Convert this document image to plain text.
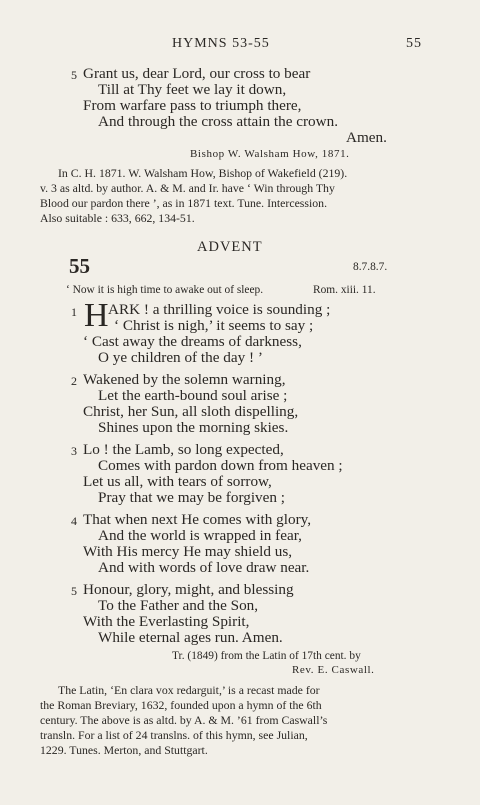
HYMNS 53-55	55
5 Grant us, dear Lord, our cross to bear
Till at Thy feet we lay it down,
From warfare pass to triumph there,
And through the cross attain the crown.
Amen.
Bishop W. Walsham How, 1871.
In C. H. 1871. W. Walsham How, Bishop of Wakefield (219).
v. 3 as altd. by author. A. & M. and Ir. have ‘ Win through Thy
Blood our pardon there ’, as in 1871 text. Tune. Intercession.
Also suitable : 633, 662, 134-51.
ADVENT
55	8.7.8.7.
‘ Now it is high time to awake out of sleep.	Rom. xiii. 11.
1 H ARK ! a thrilling voice is sounding ;
‘ Christ is nigh,’ it seems to say ;
‘ Cast away the dreams of darkness,
O ye children of the day ! ’
2 Wakened by the solemn warning,
Let the earth-bound soul arise ;
Christ, her Sun, all sloth dispelling,
Shines upon the morning skies.
3 Lo ! the Lamb, so long expected,
Comes with pardon down from heaven ;
Let us all, with tears of sorrow,
Pray that we may be forgiven ;
4 That when next He comes with glory,
And the world is wrapped in fear,
With His mercy He may shield us,
And with words of love draw near.
5 Honour, glory, might, and blessing
To the Father and the Son,
With the Everlasting Spirit,
While eternal ages run. Amen.
Tr. (1849) from the Latin of 17th cent. by
Rev. E. Caswall.
The Latin, ‘En clara vox redarguit,’ is a recast made for
the Roman Breviary, 1632, founded upon a hymn of the 6th
century. The above is as altd. by A. & M. ’61 from Caswall’s
transln. For a list of 24 translns. of this hymn, see Julian,
1229. Tunes. Merton, and Stuttgart.
